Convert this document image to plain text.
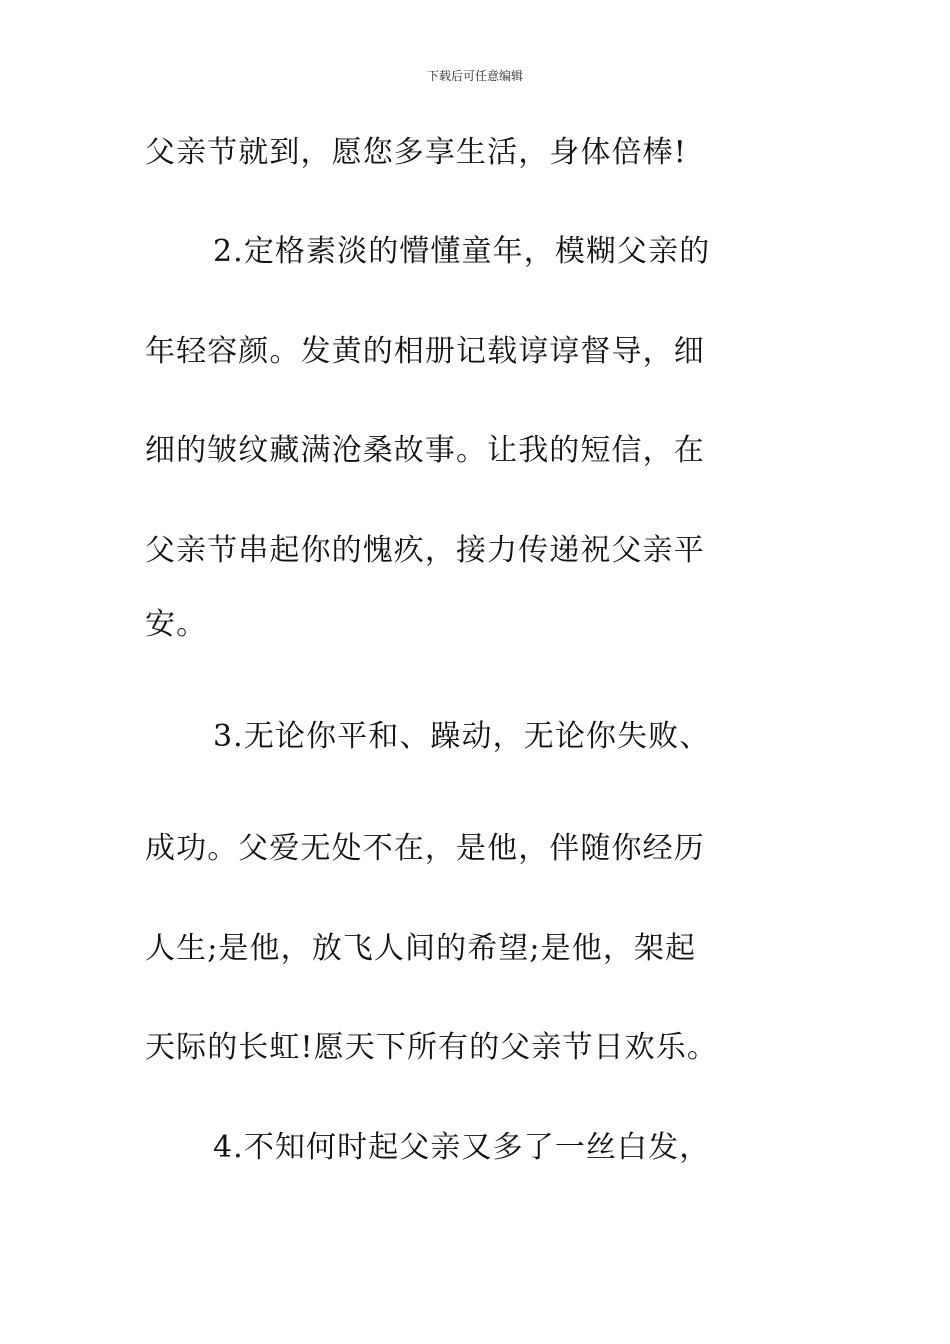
下载后可任意编辑
父亲节就到，愿您多享生活，身体倍棒!
2.定格素淡的懵懂童年，模糊父亲的
年轻容颜。发黄的相册记载谆谆督导，细
细的皱纹藏满沧桑故事。让我的短信，在
父亲节串起你的愧疚，接力传递祝父亲平
安。
3.无论你平和、躁动，无论你失败、
成功。父爱无处不在，是他，伴随你经历
人生;是他，放飞人间的希望;是他，架起
天际的长虹!愿天下所有的父亲节日欢乐。
4.不知何时起父亲又多了一丝白发，
